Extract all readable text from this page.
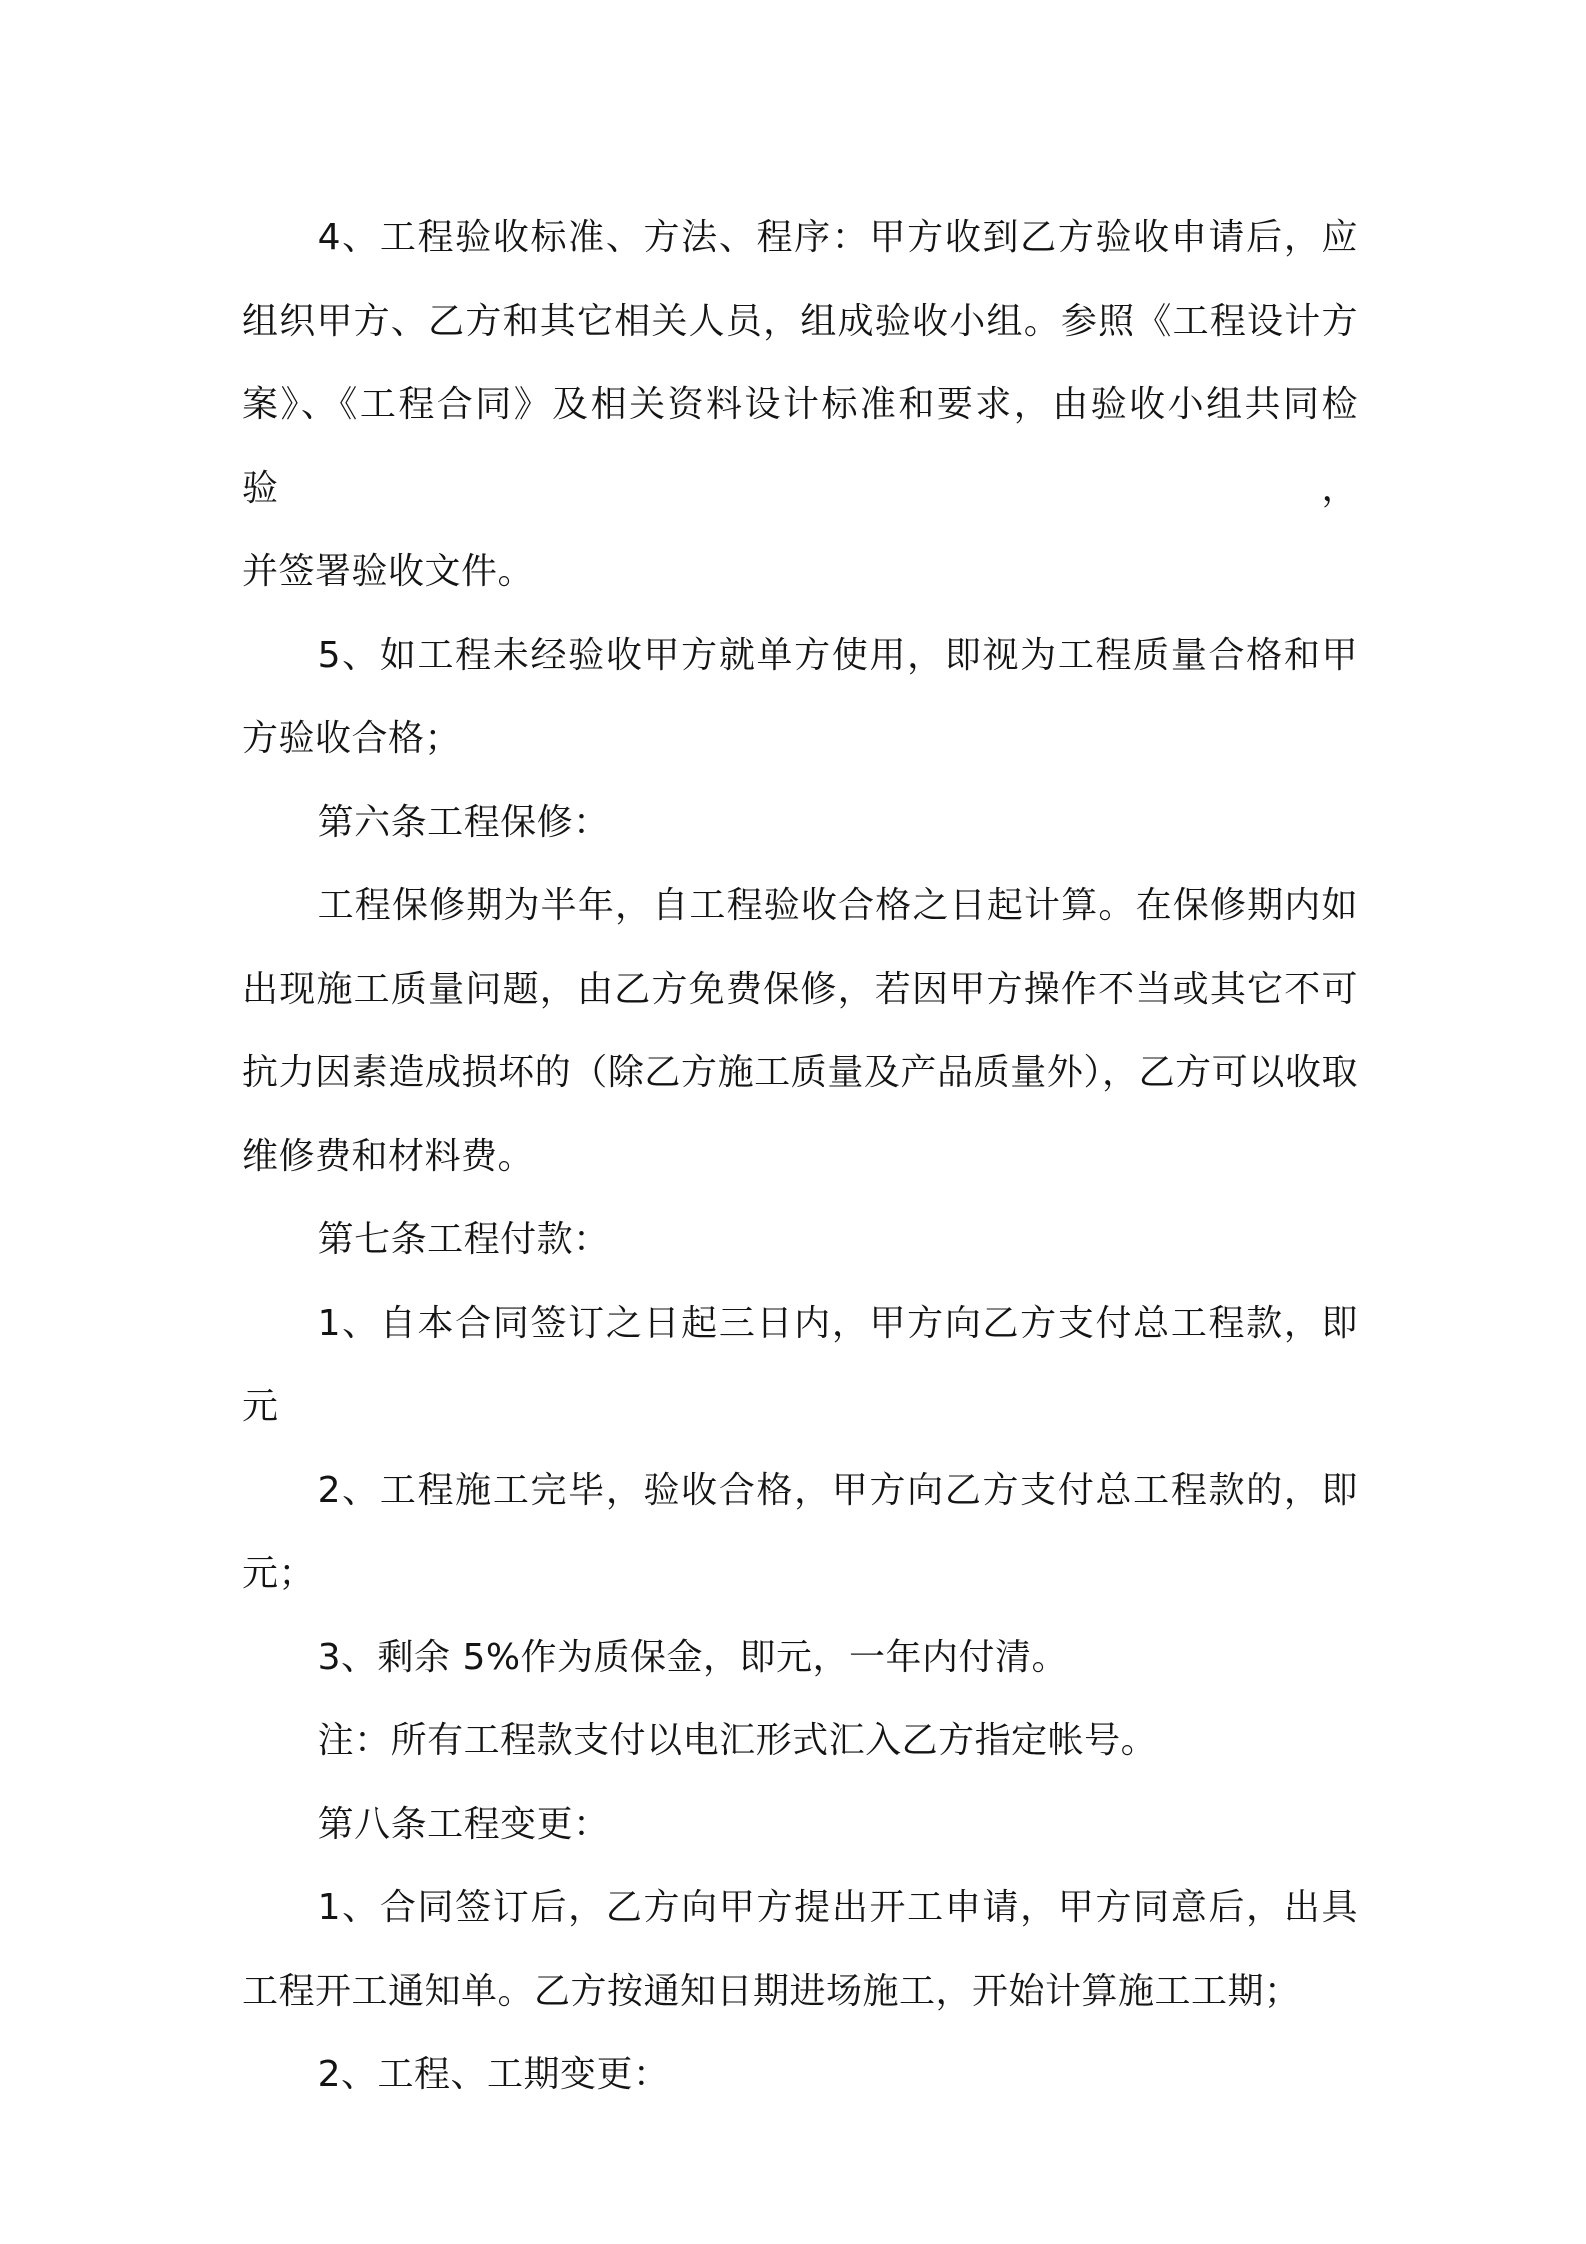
4、工程验收标准、方法、程序：甲方收到乙方验收申请后，应
组织甲方、乙方和其它相关人员，组成验收小组。参照《工程设计方
案》、《工程合同》及相关资料设计标准和要求，由验收小组共同检验，
并签署验收文件。

5、如工程未经验收甲方就单方使用，即视为工程质量合格和甲
方验收合格；

第六条工程保修：

工程保修期为半年，自工程验收合格之日起计算。在保修期内如
出现施工质量问题，由乙方免费保修，若因甲方操作不当或其它不可
抗力因素造成损坏的（除乙方施工质量及产品质量外），乙方可以收取
维修费和材料费。

第七条工程付款：

1、自本合同签订之日起三日内，甲方向乙方支付总工程款，即
元

2、工程施工完毕，验收合格，甲方向乙方支付总工程款的，即
元；

3、剩余 5%作为质保金，即元，一年内付清。

注：所有工程款支付以电汇形式汇入乙方指定帐号。

第八条工程变更：

1、合同签订后，乙方向甲方提出开工申请，甲方同意后，出具
工程开工通知单。乙方按通知日期进场施工，开始计算施工工期；

2、工程、工期变更：
